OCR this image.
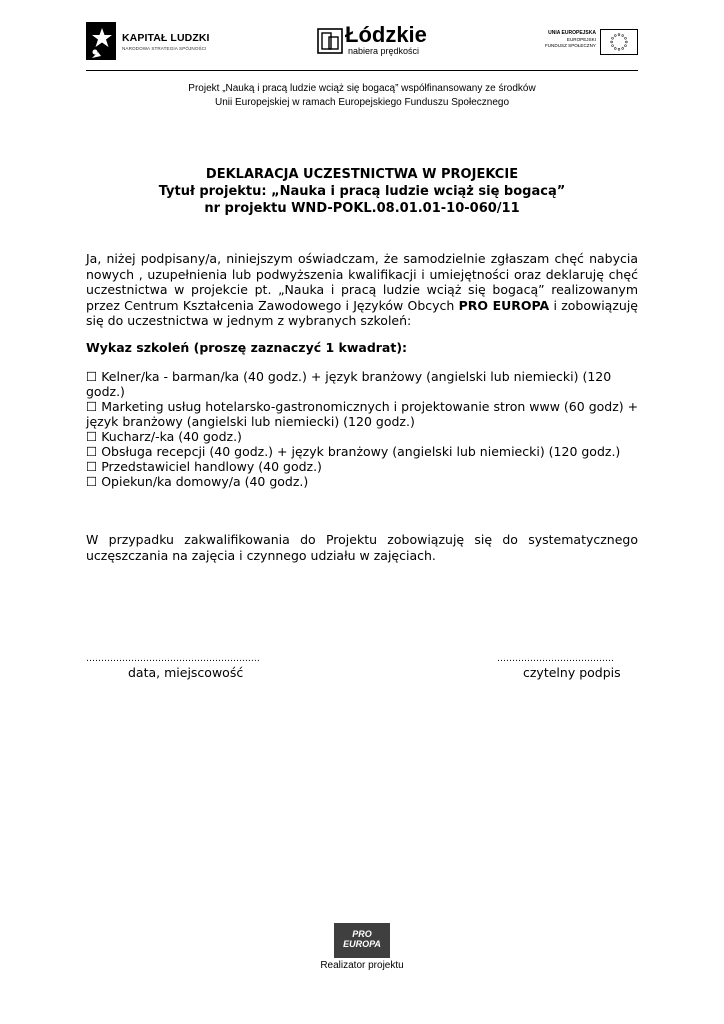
KAPITAŁ LUDZKI
NARODOWA STRATEGIA SPÓJNOŚCI
Łódzkie
nabiera prędkości
UNIA EUROPEJSKA
EUROPEJSKI
FUNDUSZ SPOŁECZNY
Projekt „Nauką i pracą ludzie wciąż się bogacą” współfinansowany ze środków
Unii Europejskiej w ramach Europejskiego Funduszu Społecznego
DEKLARACJA UCZESTNICTWA W PROJEKCIE
Tytuł projektu: „Nauka i pracą ludzie wciąż się bogacą”
nr projektu WND-POKL.08.01.01-10-060/11
Ja, niżej podpisany/a, niniejszym oświadczam, że samodzielnie zgłaszam chęć nabycia nowych , uzupełnienia lub podwyższenia kwalifikacji i umiejętności oraz deklaruję chęć uczestnictwa w projekcie pt. „Nauka i pracą ludzie wciąż się bogacą” realizowanym przez Centrum Kształcenia Zawodowego i Języków Obcych PRO EUROPA i zobowiązuję się do uczestnictwa w jednym z wybranych szkoleń:
Wykaz szkoleń (proszę zaznaczyć 1 kwadrat):
☐ Kelner/ka - barman/ka (40 godz.) + język branżowy (angielski lub niemiecki) (120
godz.)
☐ Marketing usług hotelarsko-gastronomicznych i projektowanie stron www (60 godz) +
język branżowy (angielski lub niemiecki) (120 godz.)
☐ Kucharz/-ka (40 godz.)
☐ Obsługa recepcji (40 godz.) + język branżowy (angielski lub niemiecki) (120 godz.)
☐ Przedstawiciel handlowy (40 godz.)
☐ Opiekun/ka domowy/a (40 godz.)
W przypadku zakwalifikowania do Projektu zobowiązuję się do systematycznego uczęszczania na zajęcia i czynnego udziału w zajęciach.
…………………………………………….……
data, miejscowość
…………………………………
czytelny podpis
PRO
EUROPA
Realizator projektu
